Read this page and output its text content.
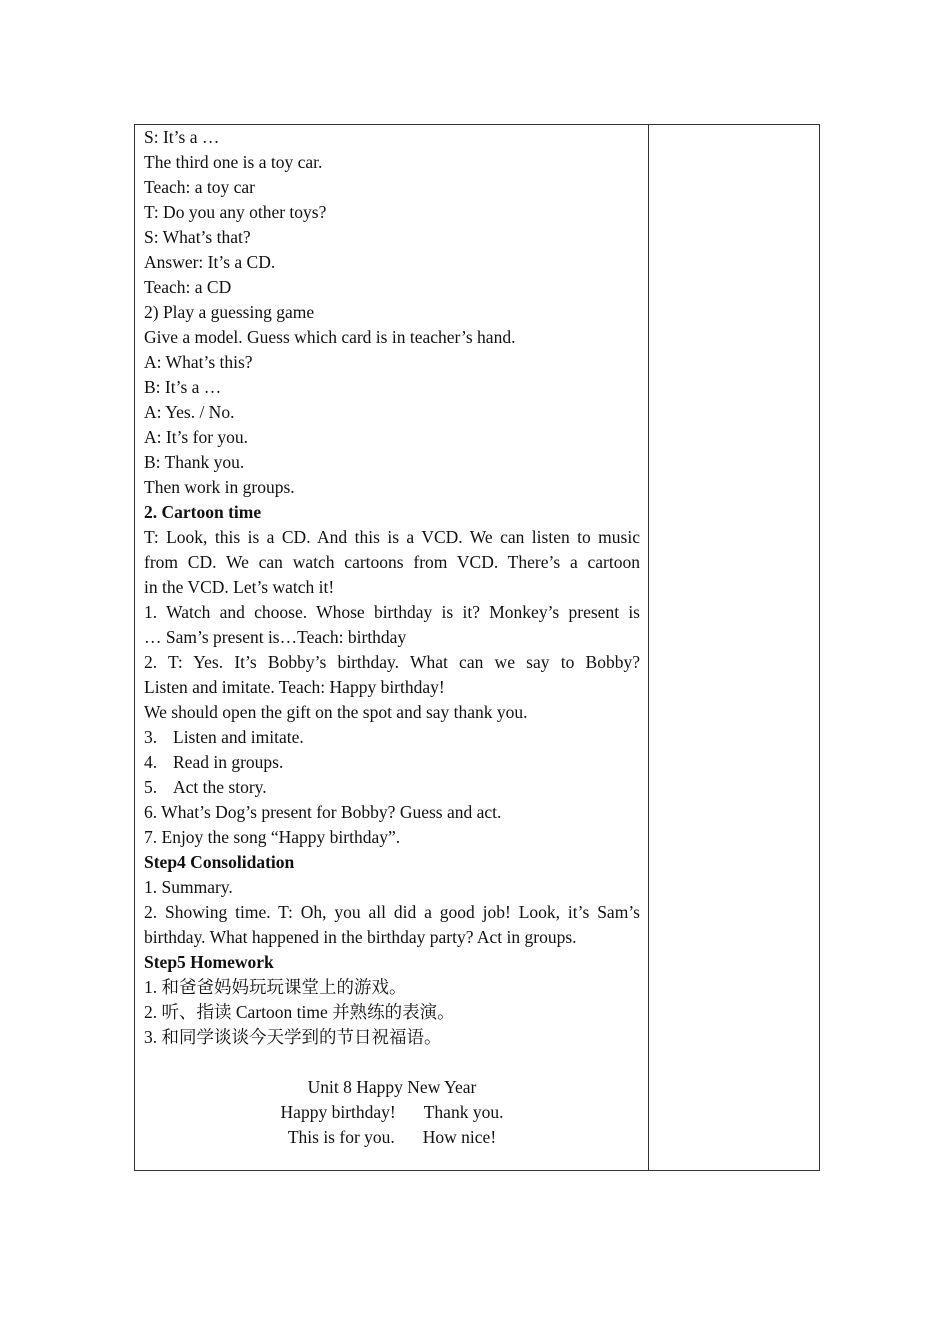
S: It’s a …
The third one is a toy car.
Teach: a toy car
T: Do you any other toys?
S: What’s that?
Answer: It’s a CD.
Teach: a CD
2) Play a guessing game
Give a model. Guess which card is in teacher’s hand.
A: What’s this?
B: It’s a …
A: Yes. / No.
A: It’s for you.
B: Thank you.
Then work in groups.
2. Cartoon time
T: Look, this is a CD. And this is a VCD. We can listen to music
from CD. We can watch cartoons from VCD. There’s a cartoon
in the VCD. Let’s watch it!
1. Watch and choose. Whose birthday is it? Monkey’s present is
… Sam’s present is…Teach: birthday
2. T: Yes. It’s Bobby’s birthday. What can we say to Bobby?
Listen and imitate. Teach: Happy birthday!
We should open the gift on the spot and say thank you.
3. Listen and imitate.
4. Read in groups.
5. Act the story.
6. What’s Dog’s present for Bobby? Guess and act.
7. Enjoy the song “Happy birthday”.
Step4 Consolidation
1. Summary.
2. Showing time. T: Oh, you all did a good job! Look, it’s Sam’s
birthday. What happened in the birthday party? Act in groups.
Step5 Homework
1. 和爸爸妈妈玩玩课堂上的游戏。
2. 听、指读 Cartoon time 并熟练的表演。
3. 和同学谈谈今天学到的节日祝福语。
Unit 8 Happy New Year
Happy birthday! Thank you.
This is for you. How nice!
